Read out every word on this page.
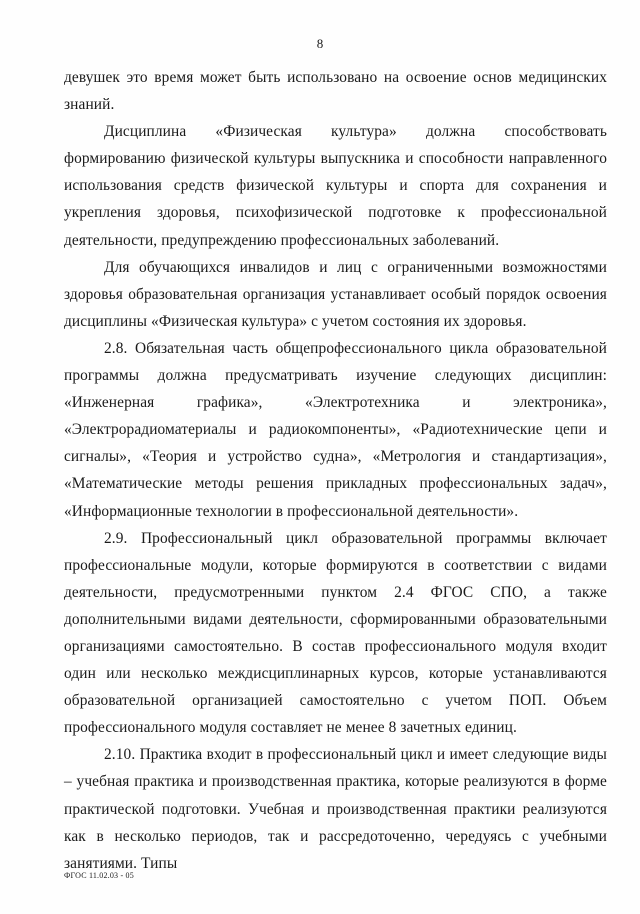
8

девушек это время может быть использовано на освоение основ медицинских знаний.

Дисциплина «Физическая культура» должна способствовать формированию физической культуры выпускника и способности направленного использования средств физической культуры и спорта для сохранения и укрепления здоровья, психофизической подготовке к профессиональной деятельности, предупреждению профессиональных заболеваний.

Для обучающихся инвалидов и лиц с ограниченными возможностями здоровья образовательная организация устанавливает особый порядок освоения дисциплины «Физическая культура» с учетом состояния их здоровья.

2.8. Обязательная часть общепрофессионального цикла образовательной программы должна предусматривать изучение следующих дисциплин: «Инженерная графика», «Электротехника и электроника», «Электрорадиоматериалы и радиокомпоненты», «Радиотехнические цепи и сигналы», «Теория и устройство судна», «Метрология и стандартизация», «Математические методы решения прикладных профессиональных задач», «Информационные технологии в профессиональной деятельности».

2.9. Профессиональный цикл образовательной программы включает профессиональные модули, которые формируются в соответствии с видами деятельности, предусмотренными пунктом 2.4 ФГОС СПО, а также дополнительными видами деятельности, сформированными образовательными организациями самостоятельно. В состав профессионального модуля входит один или несколько междисциплинарных курсов, которые устанавливаются образовательной организацией самостоятельно с учетом ПОП. Объем профессионального модуля составляет не менее 8 зачетных единиц.

2.10. Практика входит в профессиональный цикл и имеет следующие виды – учебная практика и производственная практика, которые реализуются в форме практической подготовки. Учебная и производственная практики реализуются как в несколько периодов, так и рассредоточенно, чередуясь с учебными занятиями. Типы

ФГОС 11.02.03 - 05
